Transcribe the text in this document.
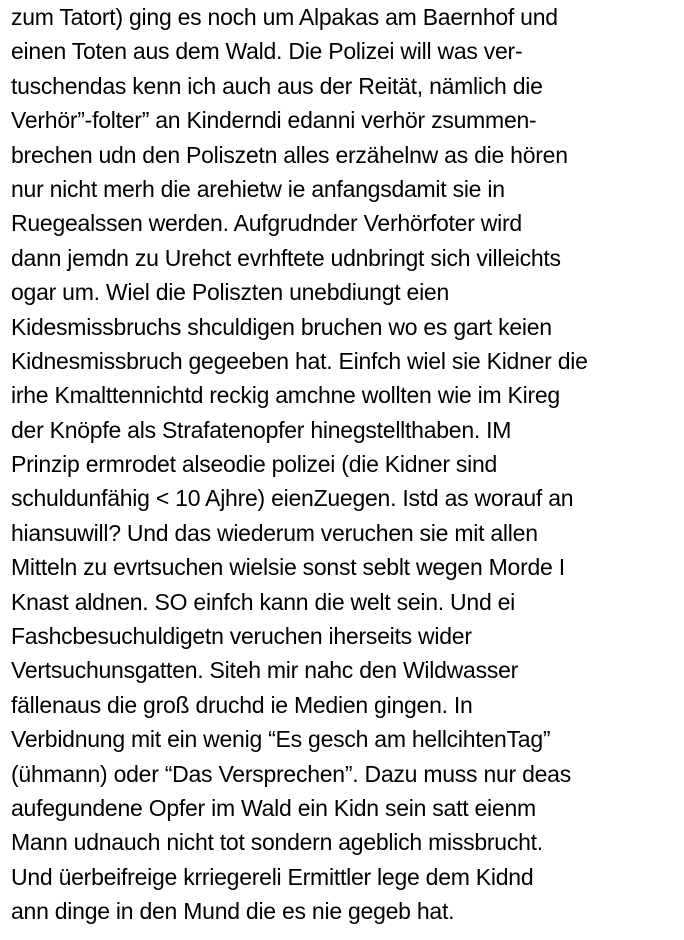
zum Tatort) ging es noch um Alpakas am Baernhof und
einen Toten aus dem Wald. Die Polizei will was ver-
tuschendas kenn ich auch aus der Reität, nämlich die
Verhör”-folter” an Kinderndi edanni verhör zsummen-
brechen udn den Poliszetn alles erzähelnw as die hören
nur nicht merh die arehietw ie anfangsdamit sie in
Ruegealssen werden. Aufgrudnder Verhörfoter wird
dann jemdn zu Urehct evrhftete udnbringt sich villeichts
ogar um. Wiel die Poliszten unebdiungt eien
Kidesmissbruchs shculdigen bruchen wo es gart keien
Kidnesmissbruch gegeeben hat. Einfch wiel sie Kidner die
irhe Kmalttennichtd reckig amchne wollten wie im Kireg
der Knöpfe als Strafatenopfer hinegstellthaben. IM
Prinzip ermrodet alseodie polizei (die Kidner sind
schuldunfähig < 10 Ajhre) eienZuegen. Istd as worauf an
hiansuwill? Und das wiederum veruchen sie mit allen
Mitteln zu evrtsuchen wielsie sonst seblt wegen Morde I
Knast aldnen. SO einfch kann die welt sein. Und ei
Fashcbesuchuldigetn veruchen iherseits wider
Vertsuchunsgatten. Siteh mir nahc den Wildwasser
fällenaus die groß druchd ie Medien gingen. In
Verbidnung mit ein wenig “Es gesch am hellcihtenTag”
(ühmann) oder “Das Versprechen”. Dazu muss nur deas
aufegundene Opfer im Wald ein Kidn sein satt eienm
Mann udnauch nicht tot sondern ageblich missbrucht.
Und üerbeifreige krriegereli Ermittler lege dem Kidnd
ann dinge in den Mund die es nie gegeb hat.
